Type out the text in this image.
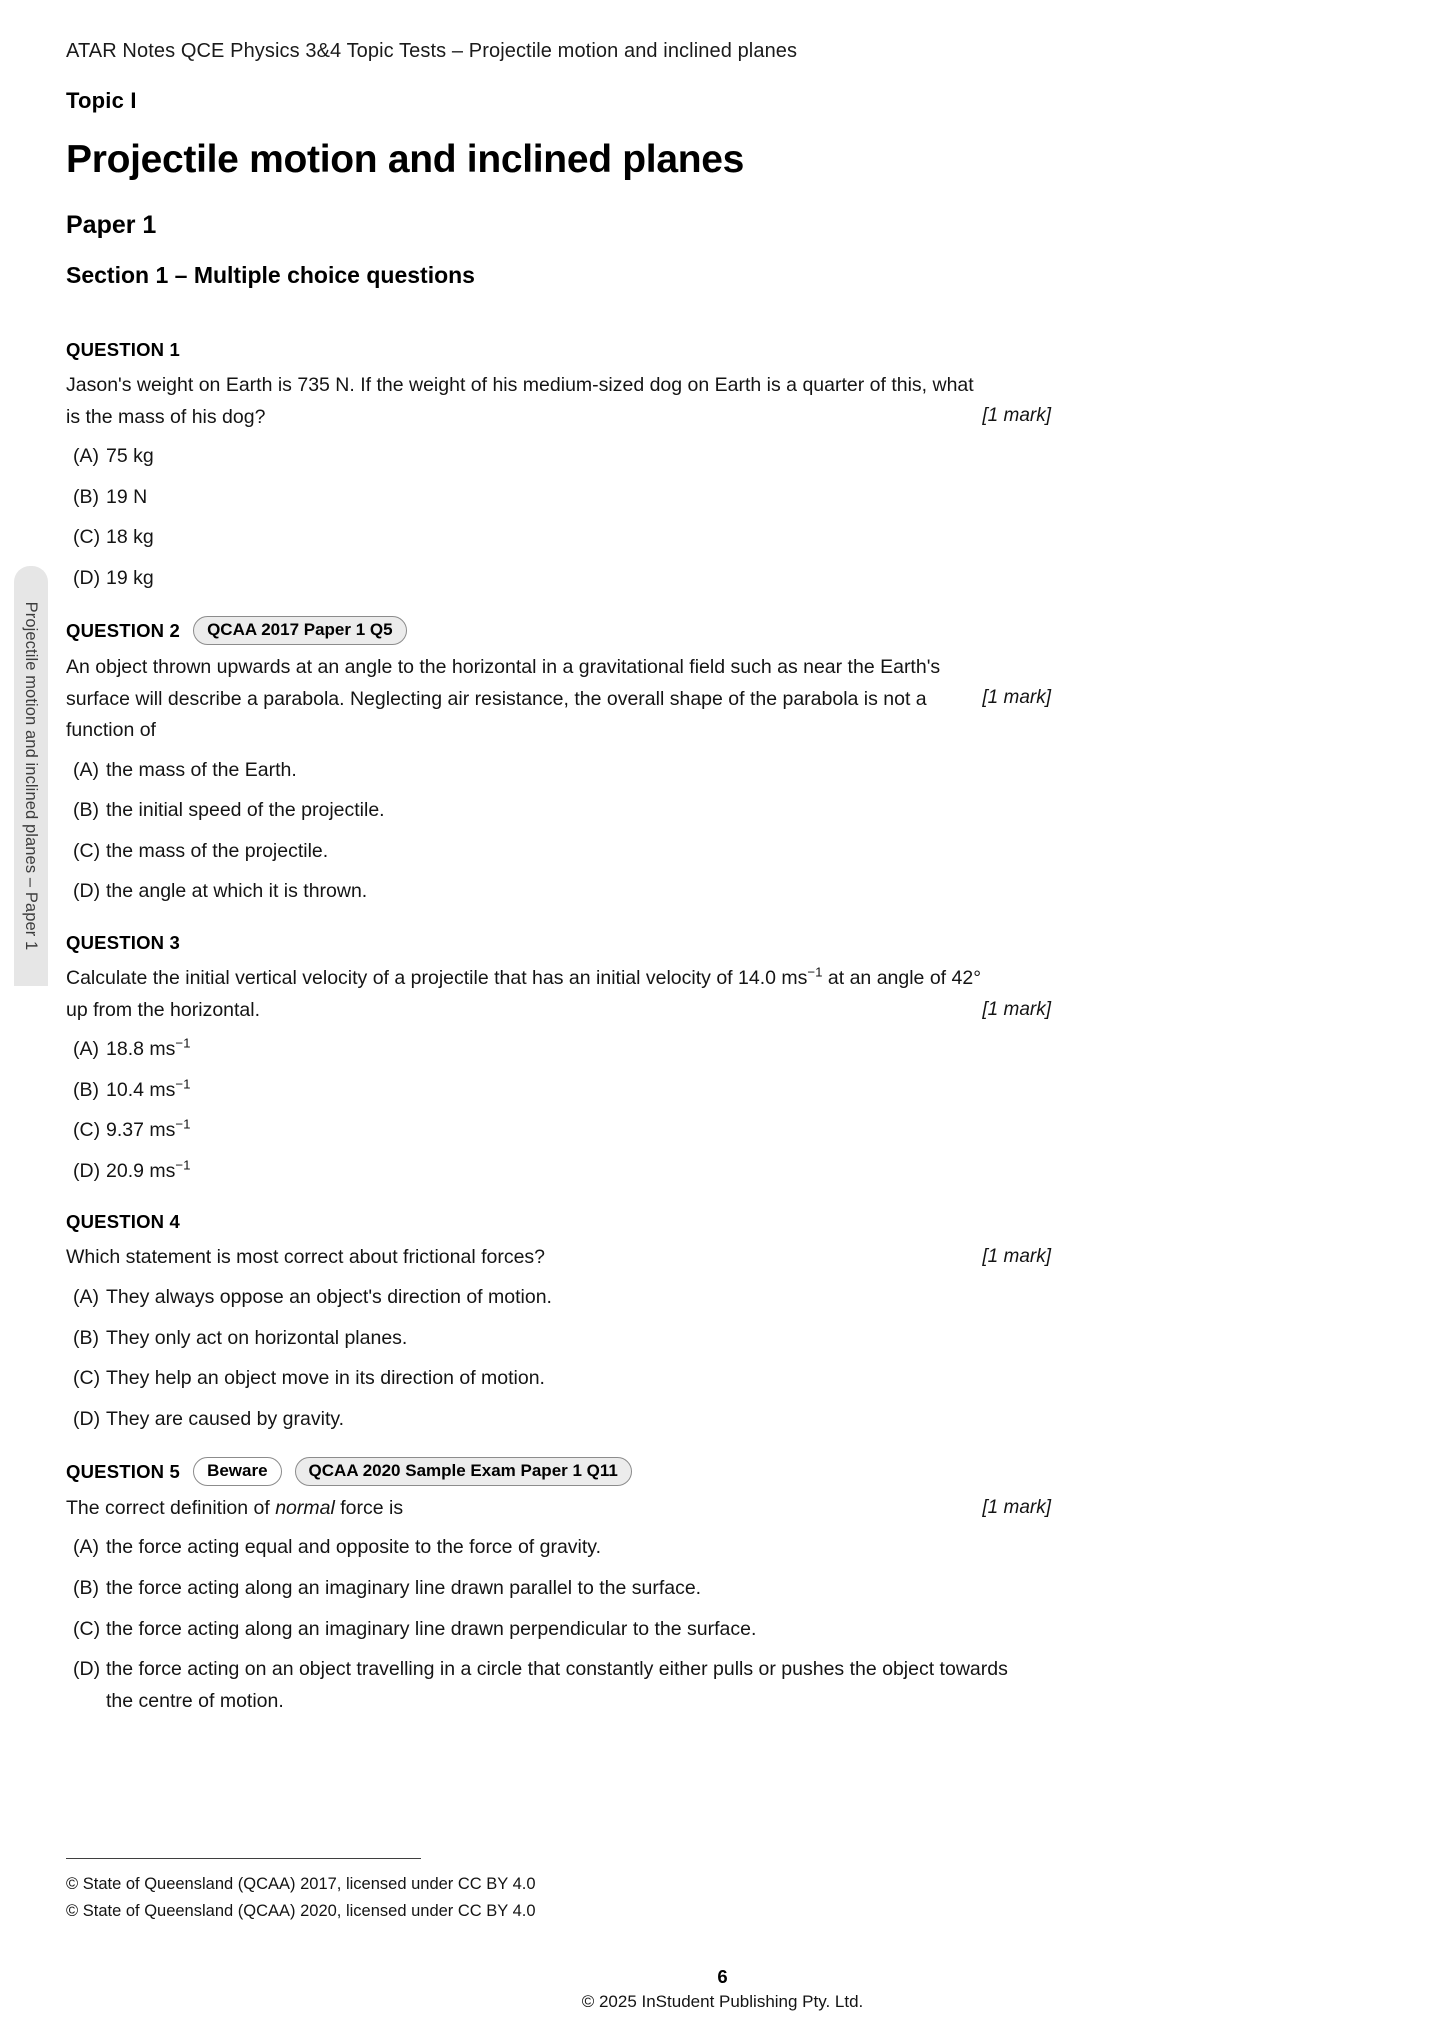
Projectile motion and inclined planes – Paper 1
ATAR Notes QCE Physics 3&4 Topic Tests – Projectile motion and inclined planes
Topic I
Projectile motion and inclined planes
Paper 1
Section 1 – Multiple choice questions
QUESTION 1
Jason's weight on Earth is 735 N. If the weight of his medium-sized dog on Earth is a quarter of this, what is the mass of his dog?	[1 mark]
(A) 75 kg
(B) 19 N
(C) 18 kg
(D) 19 kg
QUESTION 2	QCAA 2017 Paper 1 Q5
An object thrown upwards at an angle to the horizontal in a gravitational field such as near the Earth's surface will describe a parabola. Neglecting air resistance, the overall shape of the parabola is not a function of
[1 mark]
(A) the mass of the Earth.
(B) the initial speed of the projectile.
(C) the mass of the projectile.
(D) the angle at which it is thrown.
QUESTION 3
Calculate the initial vertical velocity of a projectile that has an initial velocity of 14.0 $ms^{-1}$ at an angle of 42° up from the horizontal.	[1 mark]
(A) 18.8 $ms^{-1}$
(B) 10.4 $ms^{-1}$
(C) 9.37 $ms^{-1}$
(D) 20.9 $ms^{-1}$
QUESTION 4
Which statement is most correct about frictional forces?	[1 mark]
(A) They always oppose an object's direction of motion.
(B) They only act on horizontal planes.
(C) They help an object move in its direction of motion.
(D) They are caused by gravity.
QUESTION 5	Beware	QCAA 2020 Sample Exam Paper 1 Q11
The correct definition of normal force is	[1 mark]
(A) the force acting equal and opposite to the force of gravity.
(B) the force acting along an imaginary line drawn parallel to the surface.
(C) the force acting along an imaginary line drawn perpendicular to the surface.
(D) the force acting on an object travelling in a circle that constantly either pulls or pushes the object towards the centre of motion.
© State of Queensland (QCAA) 2017, licensed under CC BY 4.0
© State of Queensland (QCAA) 2020, licensed under CC BY 4.0
6
© 2025 InStudent Publishing Pty. Ltd.
